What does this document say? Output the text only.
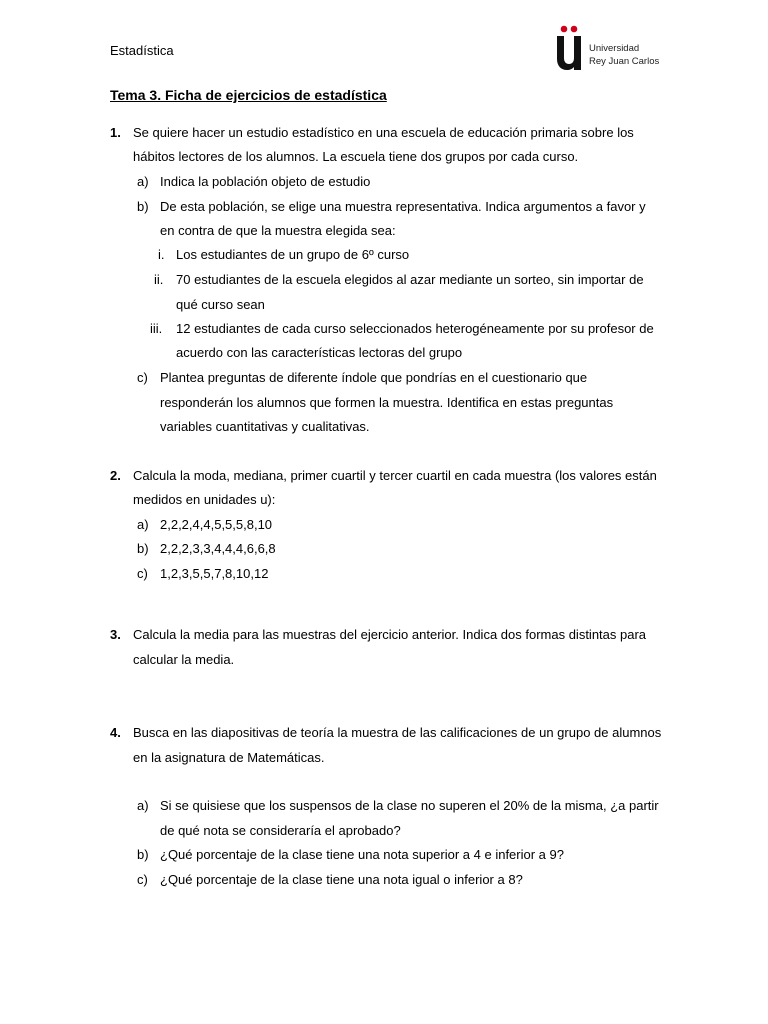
Estadística	Universidad
Rey Juan Carlos
Tema 3. Ficha de ejercicios de estadística
1. Se quiere hacer un estudio estadístico en una escuela de educación primaria sobre los
hábitos lectores de los alumnos. La escuela tiene dos grupos por cada curso.
a) Indica la población objeto de estudio
b) De esta población, se elige una muestra representativa. Indica argumentos a favor y
en contra de que la muestra elegida sea:
i. Los estudiantes de un grupo de 6º curso
ii. 70 estudiantes de la escuela elegidos al azar mediante un sorteo, sin importar de
qué curso sean
iii. 12 estudiantes de cada curso seleccionados heterogéneamente por su profesor de
acuerdo con las características lectoras del grupo
c) Plantea preguntas de diferente índole que pondrías en el cuestionario que
responderán los alumnos que formen la muestra. Identifica en estas preguntas
variables cuantitativas y cualitativas.
2. Calcula la moda, mediana, primer cuartil y tercer cuartil en cada muestra (los valores están
medidos en unidades u):
a) 2,2,2,4,4,5,5,5,8,10
b) 2,2,2,3,3,4,4,4,6,6,8
c) 1,2,3,5,5,7,8,10,12
3. Calcula la media para las muestras del ejercicio anterior. Indica dos formas distintas para
calcular la media.
4. Busca en las diapositivas de teoría la muestra de las calificaciones de un grupo de alumnos
en la asignatura de Matemáticas.
a) Si se quisiese que los suspensos de la clase no superen el 20% de la misma, ¿a partir
de qué nota se consideraría el aprobado?
b) ¿Qué porcentaje de la clase tiene una nota superior a 4 e inferior a 9?
c) ¿Qué porcentaje de la clase tiene una nota igual o inferior a 8?
